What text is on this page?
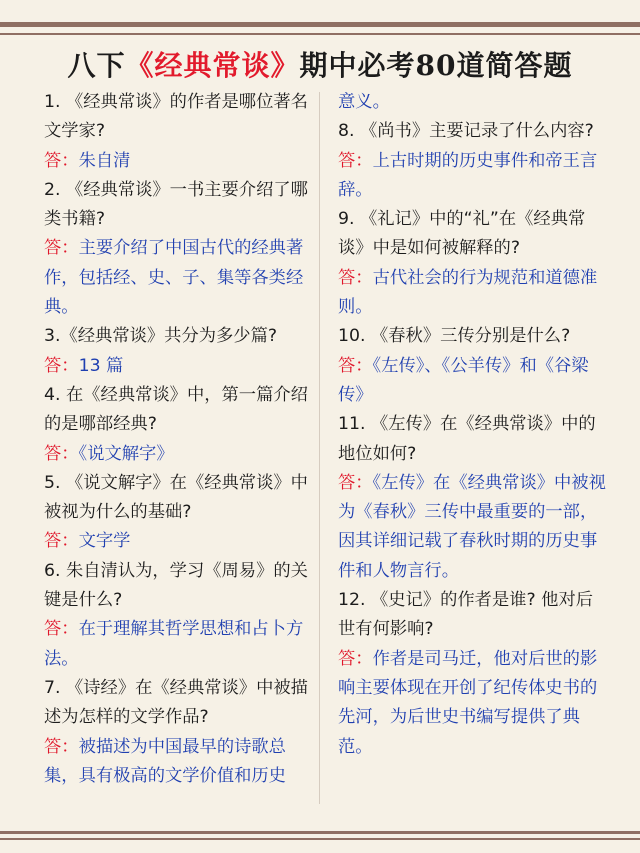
八下《经典常谈》期中必考80道简答题

1. 《经典常谈》的作者是哪位著名文学家?

答：朱自清

2. 《经典常谈》一书主要介绍了哪类书籍?

答：主要介绍了中国古代的经典著作，包括经、史、子、集等各类经典。

3.《经典常谈》共分为多少篇?

答：13 篇

4. 在《经典常谈》中，第一篇介绍的是哪部经典?

答：《说文解字》

5. 《说文解字》在《经典常谈》中被视为什么的基础?

答：文字学

6. 朱自清认为，学习《周易》的关键是什么?

答：在于理解其哲学思想和占卜方法。

7. 《诗经》在《经典常谈》中被描述为怎样的文学作品?

答：被描述为中国最早的诗歌总集，具有极高的文学价值和历史

意义。

8. 《尚书》主要记录了什么内容?

答：上古时期的历史事件和帝王言辞。

9. 《礼记》中的“礼”在《经典常谈》中是如何被解释的?

答：古代社会的行为规范和道德准则。

10. 《春秋》三传分别是什么?

答：《左传》、《公羊传》和《谷梁传》

11. 《左传》在《经典常谈》中的地位如何?

答：《左传》在《经典常谈》中被视为《春秋》三传中最重要的一部，因其详细记载了春秋时期的历史事件和人物言行。

12. 《史记》的作者是谁? 他对后世有何影响?

答：作者是司马迁，他对后世的影响主要体现在开创了纪传体史书的先河，为后世史书编写提供了典范。
